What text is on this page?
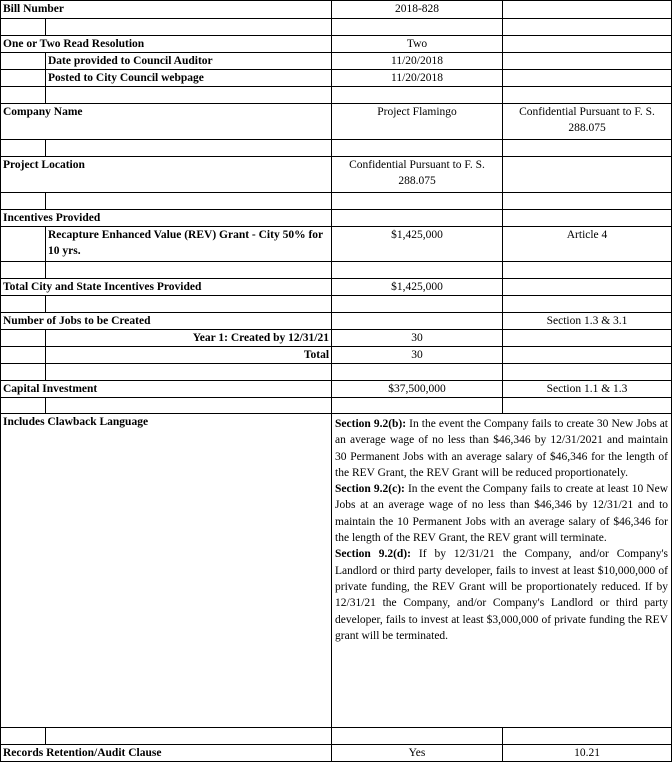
Bill Number		2018-828	

One or Two Read Resolution		Two	
	Date provided to Council Auditor	11/20/2018	
	Posted to City Council webpage	11/20/2018	

Company Name		Project Flamingo	Confidential Pursuant to F. S. 288.075

Project Location		Confidential Pursuant to F. S. 288.075	

Incentives Provided			
	Recapture Enhanced Value (REV) Grant - City 50% for 10 yrs.	$1,425,000	Article 4

Total City and State Incentives Provided		$1,425,000	

Number of Jobs to be Created			Section 1.3 & 3.1
	Year 1: Created by 12/31/21	30	
	Total	30	

Capital Investment		$37,500,000	Section 1.1 & 1.3

Includes Clawback Language		Section 9.2(b): In the event the Company fails to create 30 New Jobs at an average wage of no less than $46,346 by 12/31/2021 and maintain 30 Permanent Jobs with an average salary of $46,346 for the length of the REV Grant, the REV Grant will be reduced proportionately.

Section 9.2(c): In the event the Company fails to create at least 10 New Jobs at an average wage of no less than $46,346 by 12/31/21 and to maintain the 10 Permanent Jobs with an average salary of $46,346 for the length of the REV Grant, the REV grant will terminate.

Section 9.2(d): If by 12/31/21 the Company, and/or Company's Landlord or third party developer, fails to invest at least $10,000,000 of private funding, the REV Grant will be proportionately reduced. If by 12/31/21 the Company, and/or Company's Landlord or third party developer, fails to invest at least $3,000,000 of private funding the REV grant will be terminated.	

Records Retention/Audit Clause		Yes	10.21
